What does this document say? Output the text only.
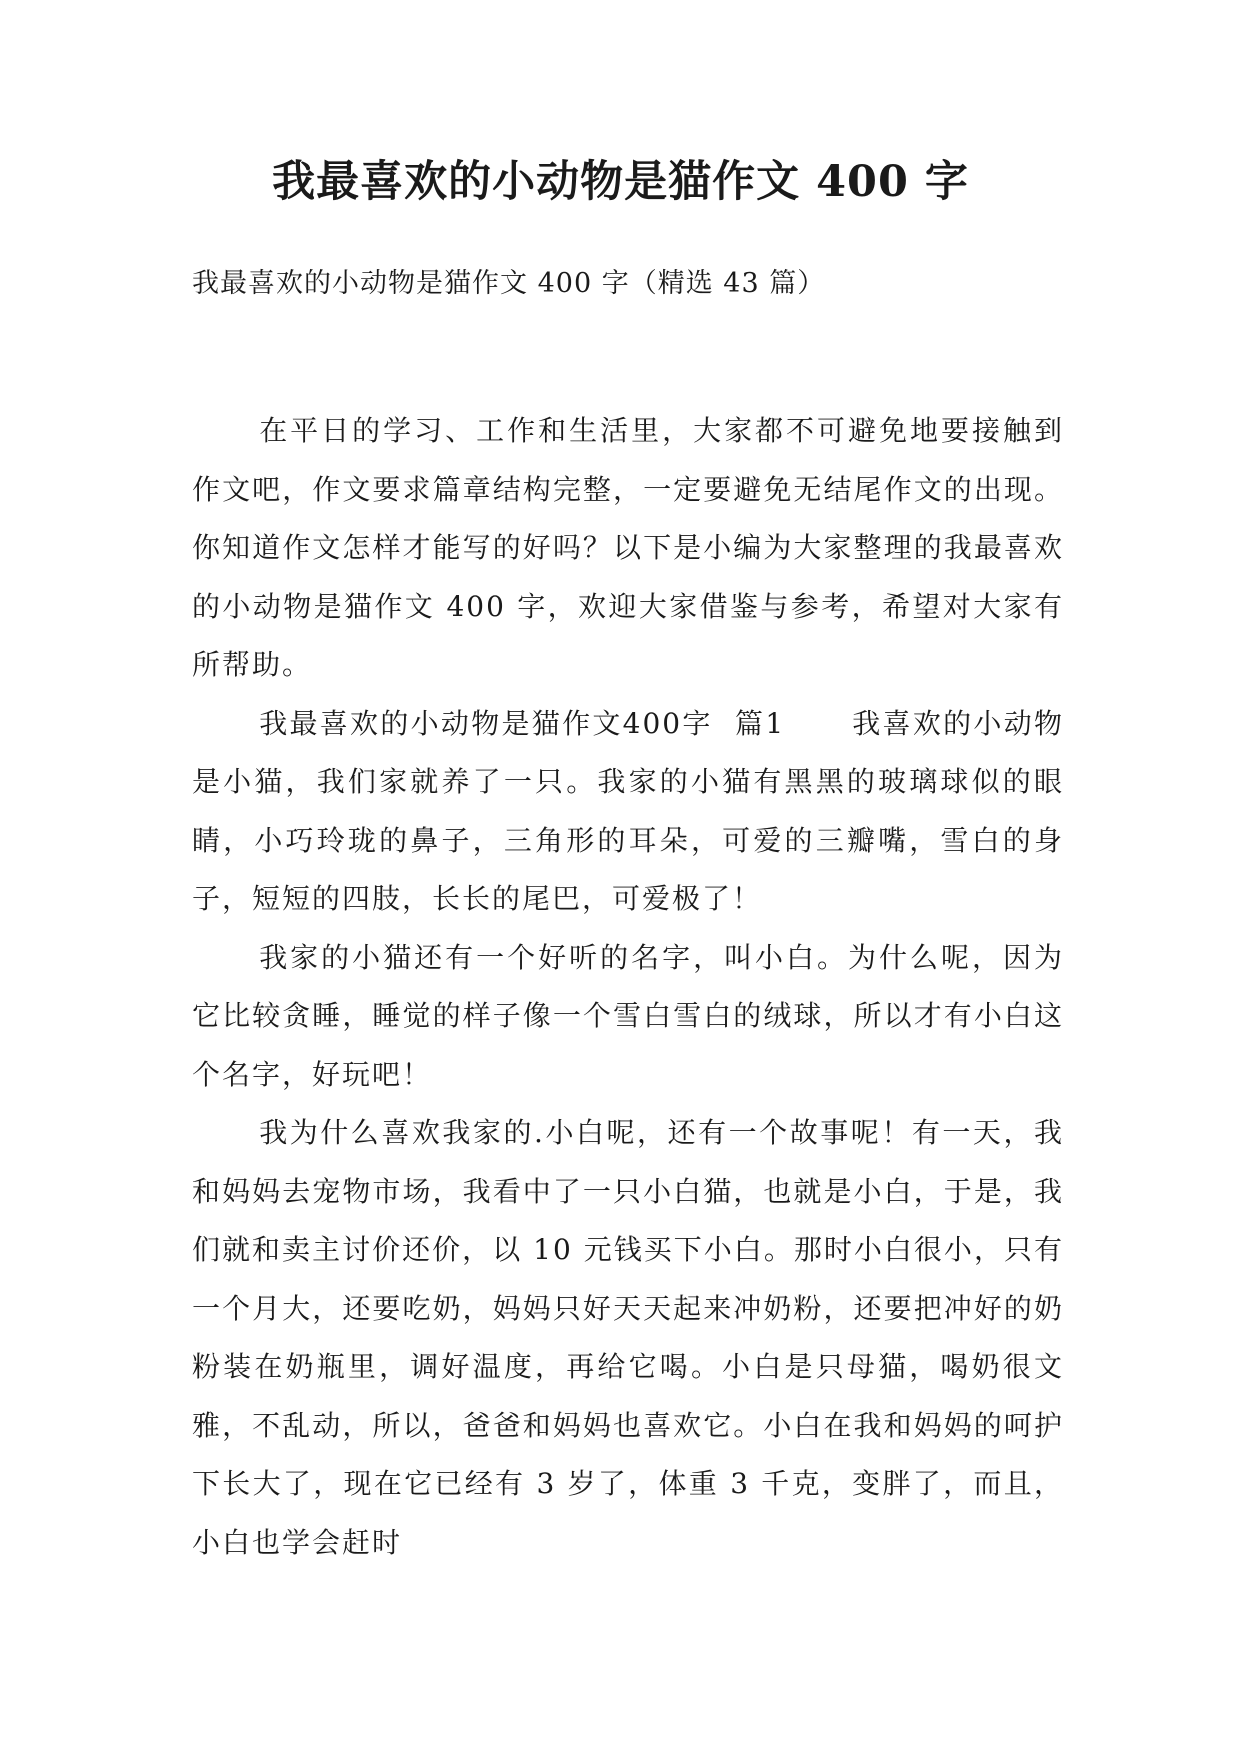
我最喜欢的小动物是猫作文 400 字

我最喜欢的小动物是猫作文 400 字（精选 43 篇）

在平日的学习、工作和生活里，大家都不可避免地要接触到作文吧，作文要求篇章结构完整，一定要避免无结尾作文的出现。你知道作文怎样才能写的好吗？以下是小编为大家整理的我最喜欢的小动物是猫作文 400 字，欢迎大家借鉴与参考，希望对大家有所帮助。

我最喜欢的小动物是猫作文400字  篇1      我喜欢的小动物是小猫，我们家就养了一只。我家的小猫有黑黑的玻璃球似的眼睛，小巧玲珑的鼻子，三角形的耳朵，可爱的三瓣嘴，雪白的身子，短短的四肢，长长的尾巴，可爱极了！

我家的小猫还有一个好听的名字，叫小白。为什么呢，因为它比较贪睡，睡觉的样子像一个雪白雪白的绒球，所以才有小白这个名字，好玩吧！

我为什么喜欢我家的.小白呢，还有一个故事呢！有一天，我和妈妈去宠物市场，我看中了一只小白猫，也就是小白，于是，我们就和卖主讨价还价，以 10 元钱买下小白。那时小白很小，只有一个月大，还要吃奶，妈妈只好天天起来冲奶粉，还要把冲好的奶粉装在奶瓶里，调好温度，再给它喝。小白是只母猫，喝奶很文雅，不乱动，所以，爸爸和妈妈也喜欢它。小白在我和妈妈的呵护下长大了，现在它已经有 3 岁了，体重 3 千克，变胖了，而且，小白也学会赶时
